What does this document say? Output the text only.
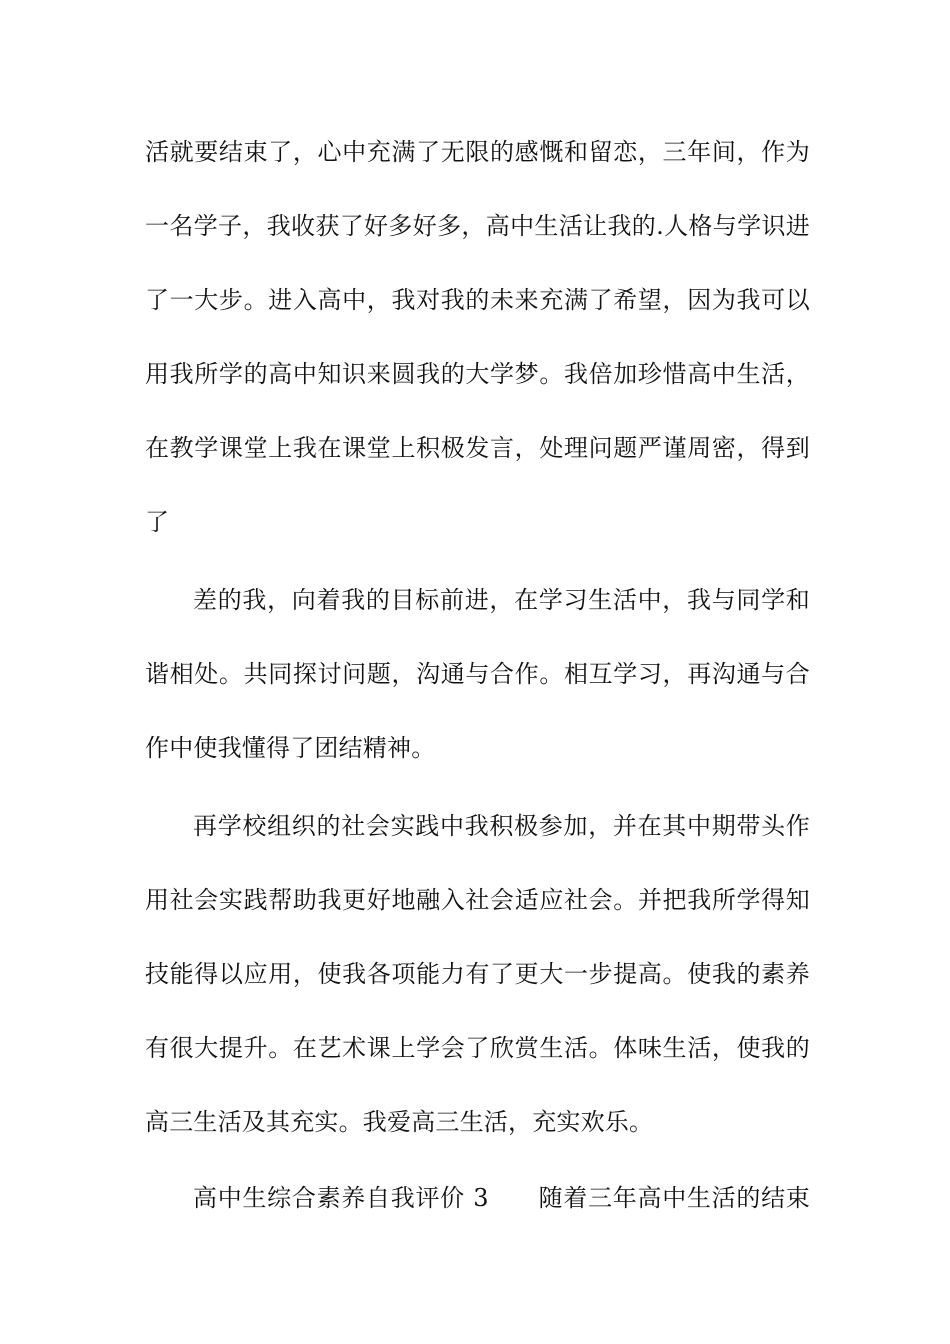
活就要结束了，心中充满了无限的感慨和留恋，三年间，作为

一名学子，我收获了好多好多，高中生活让我的.人格与学识进

了一大步。进入高中，我对我的未来充满了希望，因为我可以

用我所学的高中知识来圆我的大学梦。我倍加珍惜高中生活，

在教学课堂上我在课堂上积极发言，处理问题严谨周密，得到

了

差的我，向着我的目标前进，在学习生活中，我与同学和

谐相处。共同探讨问题，沟通与合作。相互学习，再沟通与合

作中使我懂得了团结精神。

再学校组织的社会实践中我积极参加，并在其中期带头作

用社会实践帮助我更好地融入社会适应社会。并把我所学得知

技能得以应用，使我各项能力有了更大一步提高。使我的素养

有很大提升。在艺术课上学会了欣赏生活。体味生活，使我的

高三生活及其充实。我爱高三生活，充实欢乐。

高中生综合素养自我评价 3　　随着三年高中生活的结束
